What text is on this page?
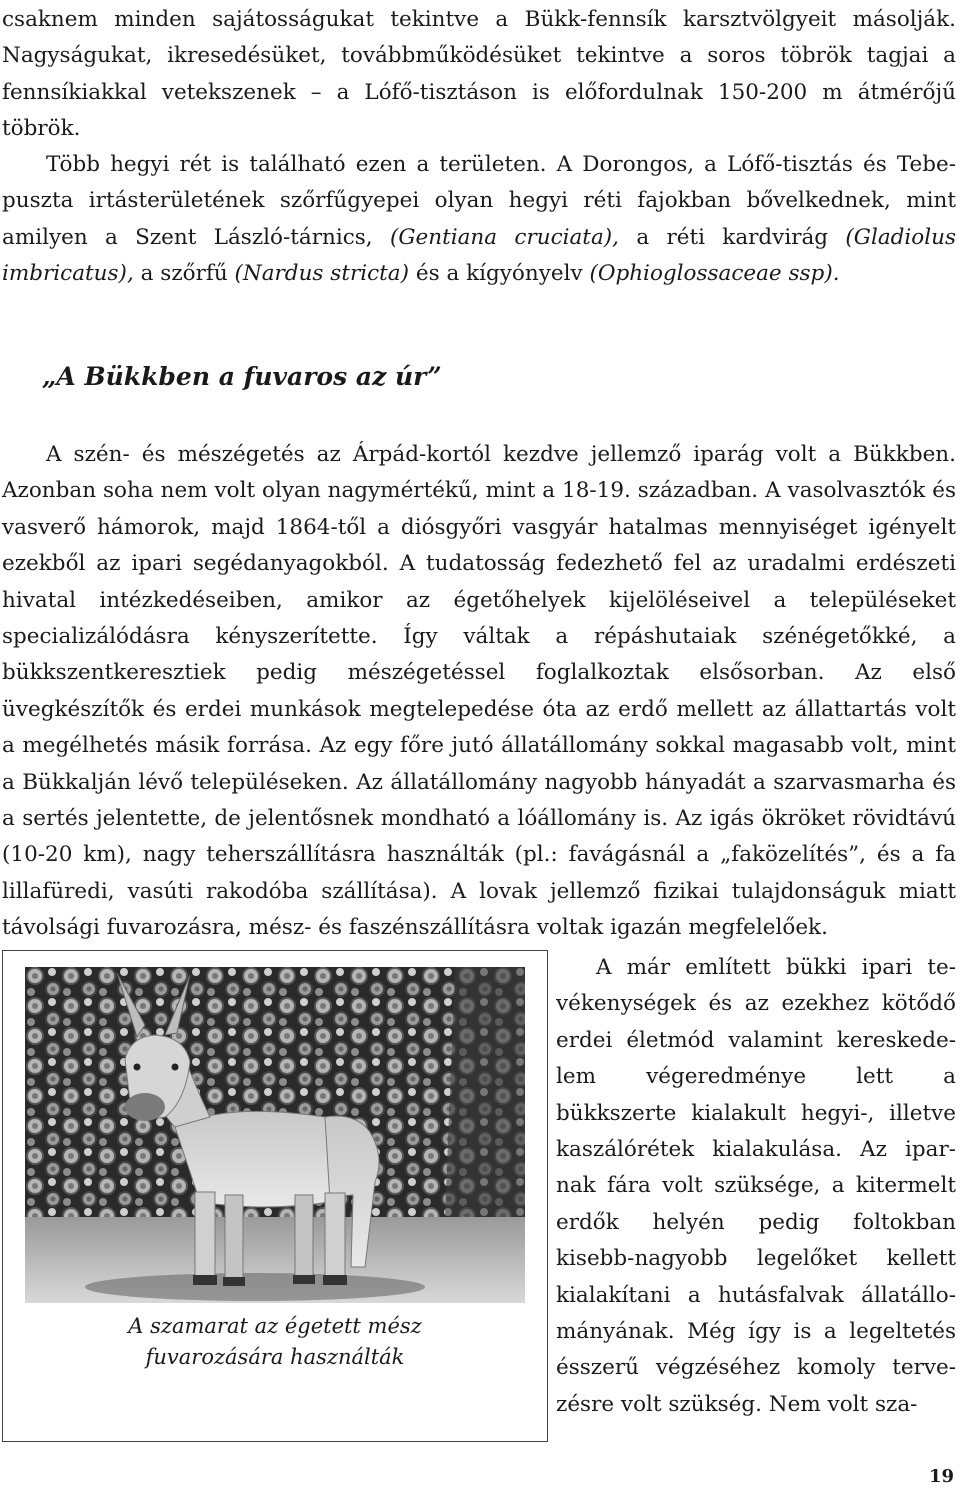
csaknem minden sajátosságukat tekintve a Bükk-fennsík karsztvölgyeit másolják. Nagyságukat, ikresedésüket, továbbműködésüket tekintve a soros töbrök tagjai a fennsíkiakkal vetekszenek – a Lófő-tisztáson is előfordulnak 150-200 m átmérőjű töbrök.

Több hegyi rét is található ezen a területen. A Dorongos, a Lófő-tisztás és Tebepuszta irtásterületének szőrfűgyepei olyan hegyi réti fajokban bővelkednek, mint amilyen a Szent László-tárnics, (Gentiana cruciata), a réti kardvirág (Gladiolus imbricatus), a szőrfű (Nardus stricta) és a kígyónyelv (Ophioglossaceae ssp).

„A Bükkben a fuvaros az úr”

A szén- és mészégetés az Árpád-kortól kezdve jellemző iparág volt a Bükkben. Azonban soha nem volt olyan nagymértékű, mint a 18-19. században. A vasolvasztók és vasverő hámorok, majd 1864-től a diósgyőri vasgyár hatalmas mennyiséget igényelt ezekből az ipari segédanyagokból. A tudatosság fedezhető fel az uradalmi erdészeti hivatal intézkedéseiben, amikor az égetőhelyek kijelöléseivel a településeket specializálódásra kényszerítette. Így váltak a répáshutaiak szénégetőkké, a bükkszentkeresztiek pedig mészégetéssel foglalkoztak elsősorban. Az első üvegkészítők és erdei munkások megtelepedése óta az erdő mellett az állattartás volt a megélhetés másik forrása. Az egy főre jutó állatállomány sokkal magasabb volt, mint a Bükkalján lévő településeken. Az állatállomány nagyobb hányadát a szarvasmarha és a sertés jelentette, de jelentősnek mondható a lóállomány is. Az igás ökröket rövidtávú (10-20 km), nagy teherszállításra használták (pl.: favágásnál a „faközelítés”, és a fa lillafüredi, vasúti rakodóba szállítása). A lovak jellemző fizikai tulajdonságuk miatt távolsági fuvarozásra, mész- és faszénszállításra voltak igazán megfelelőek.

A szamarat az égetett mész
fuvarozására használták
A már említett bükki ipari te-
vékenységek és az ezekhez kötődő
erdei életmód valamint kereskede-
lem végeredménye lett a
bükkszerte kialakult hegyi-, illetve
kaszálórétek kialakulása. Az ipar-
nak fára volt szüksége, a kitermelt
erdők helyén pedig foltokban
kisebb-nagyobb legelőket kellett
kialakítani a hutásfalvak állatállo-
mányának. Még így is a legeltetés
ésszerű végzéséhez komoly terve-
zésre volt szükség. Nem volt sza-
19
